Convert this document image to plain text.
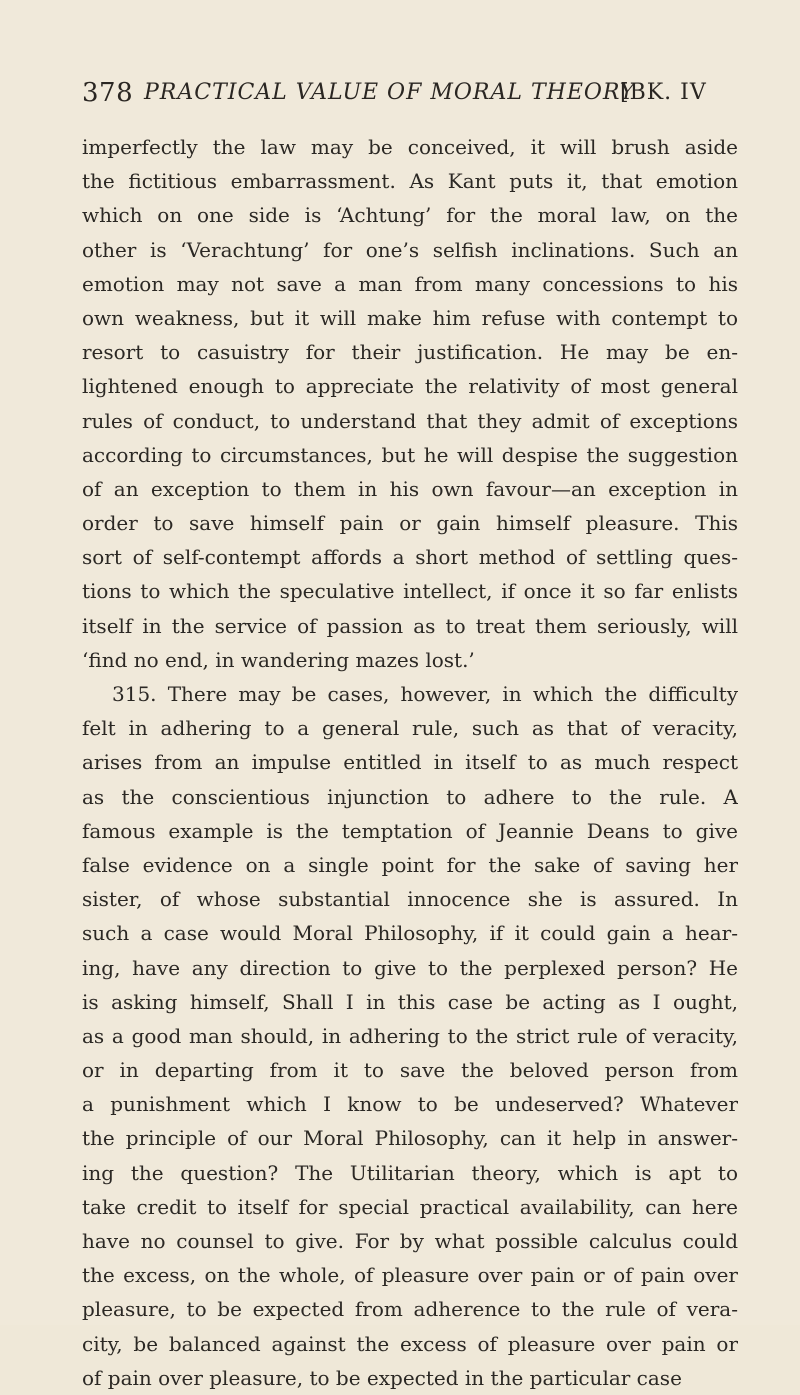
378 PRACTICAL VALUE OF MORAL THEORY
[BK. IV
imperfectly the law may be conceived, it will brush aside
the fictitious embarrassment. As Kant puts it, that emotion
which on one side is ‘Achtung’ for the moral law, on the
other is ‘Verachtung’ for one’s selfish inclinations. Such an
emotion may not save a man from many concessions to his
own weakness, but it will make him refuse with contempt to
resort to casuistry for their justification. He may be en-
lightened enough to appreciate the relativity of most general
rules of conduct, to understand that they admit of exceptions
according to circumstances, but he will despise the suggestion
of an exception to them in his own favour—an exception in
order to save himself pain or gain himself pleasure. This
sort of self-contempt affords a short method of settling ques-
tions to which the speculative intellect, if once it so far enlists
itself in the service of passion as to treat them seriously, will
‘find no end, in wandering mazes lost.’
315. There may be cases, however, in which the difficulty
felt in adhering to a general rule, such as that of veracity,
arises from an impulse entitled in itself to as much respect
as the conscientious injunction to adhere to the rule. A
famous example is the temptation of Jeannie Deans to give
false evidence on a single point for the sake of saving her
sister, of whose substantial innocence she is assured. In
such a case would Moral Philosophy, if it could gain a hear-
ing, have any direction to give to the perplexed person? He
is asking himself, Shall I in this case be acting as I ought,
as a good man should, in adhering to the strict rule of veracity,
or in departing from it to save the beloved person from
a punishment which I know to be undeserved? Whatever
the principle of our Moral Philosophy, can it help in answer-
ing the question? The Utilitarian theory, which is apt to
take credit to itself for special practical availability, can here
have no counsel to give. For by what possible calculus could
the excess, on the whole, of pleasure over pain or of pain over
pleasure, to be expected from adherence to the rule of vera-
city, be balanced against the excess of pleasure over pain or
of pain over pleasure, to be expected in the particular case
